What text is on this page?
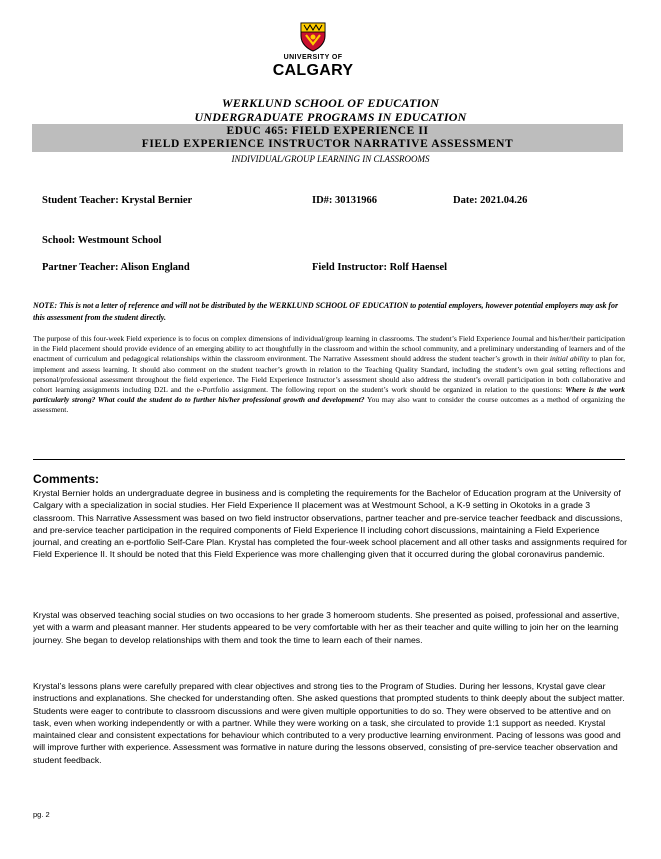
UNIVERSITY OF
CALGARY
WERKLUND SCHOOL OF EDUCATION
UNDERGRADUATE PROGRAMS IN EDUCATION
EDUC 465: FIELD EXPERIENCE II
FIELD EXPERIENCE INSTRUCTOR NARRATIVE ASSESSMENT
INDIVIDUAL/GROUP LEARNING IN CLASSROOMS
Student Teacher: Krystal Bernier	ID#: 30131966	Date: 2021.04.26
School: Westmount School
Partner Teacher: Alison England	Field Instructor: Rolf Haensel
NOTE: This is not a letter of reference and will not be distributed by the WERKLUND SCHOOL OF EDUCATION to potential employers, however potential employers may ask for this assessment from the student directly.
The purpose of this four-week Field experience is to focus on complex dimensions of individual/group learning in classrooms. The student’s Field Experience Journal and his/her/their participation in the Field placement should provide evidence of an emerging ability to act thoughtfully in the classroom and within the school community, and a preliminary understanding of learners and of the enactment of curriculum and pedagogical relationships within the classroom environment. The Narrative Assessment should address the student teacher’s growth in their initial ability to plan for, implement and assess learning. It should also comment on the student teacher’s growth in relation to the Teaching Quality Standard, including the student’s own goal setting reflections and personal/professional assessment throughout the field experience. The Field Experience Instructor’s assessment should also address the student’s overall participation in both collaborative and cohort learning assignments including D2L and the e-Portfolio assignment. The following report on the student’s work should be organized in relation to the questions: Where is the work particularly strong? What could the student do to further his/her professional growth and development? You may also want to consider the course outcomes as a method of organizing the assessment.
Comments:
Krystal Bernier holds an undergraduate degree in business and is completing the requirements for the Bachelor of Education program at the University of Calgary with a specialization in social studies. Her Field Experience II placement was at Westmount School, a K-9 setting in Okotoks in a grade 3 classroom. This Narrative Assessment was based on two field instructor observations, partner teacher and pre-service teacher feedback and discussions, and pre-service teacher participation in the required components of Field Experience II including cohort discussions, maintaining a Field Experience journal, and creating an e-portfolio Self-Care Plan. Krystal has completed the four-week school placement and all other tasks and assignments required for Field Experience II. It should be noted that this Field Experience was more challenging given that it occurred during the global coronavirus pandemic.
Krystal was observed teaching social studies on two occasions to her grade 3 homeroom students. She presented as poised, professional and assertive, yet with a warm and pleasant manner. Her students appeared to be very comfortable with her as their teacher and quite willing to join her on the learning journey. She began to develop relationships with them and took the time to learn each of their names.
Krystal’s lessons plans were carefully prepared with clear objectives and strong ties to the Program of Studies. During her lessons, Krystal gave clear instructions and explanations. She checked for understanding often. She asked questions that prompted students to think deeply about the subject matter. Students were eager to contribute to classroom discussions and were given multiple opportunities to do so. They were observed to be attentive and on task, even when working independently or with a partner. While they were working on a task, she circulated to provide 1:1 support as needed. Krystal maintained clear and consistent expectations for behaviour which contributed to a very productive learning environment. Pacing of lessons was good and will improve further with experience. Assessment was formative in nature during the lessons observed, consisting of pre-service teacher observation and student feedback.
pg. 2
